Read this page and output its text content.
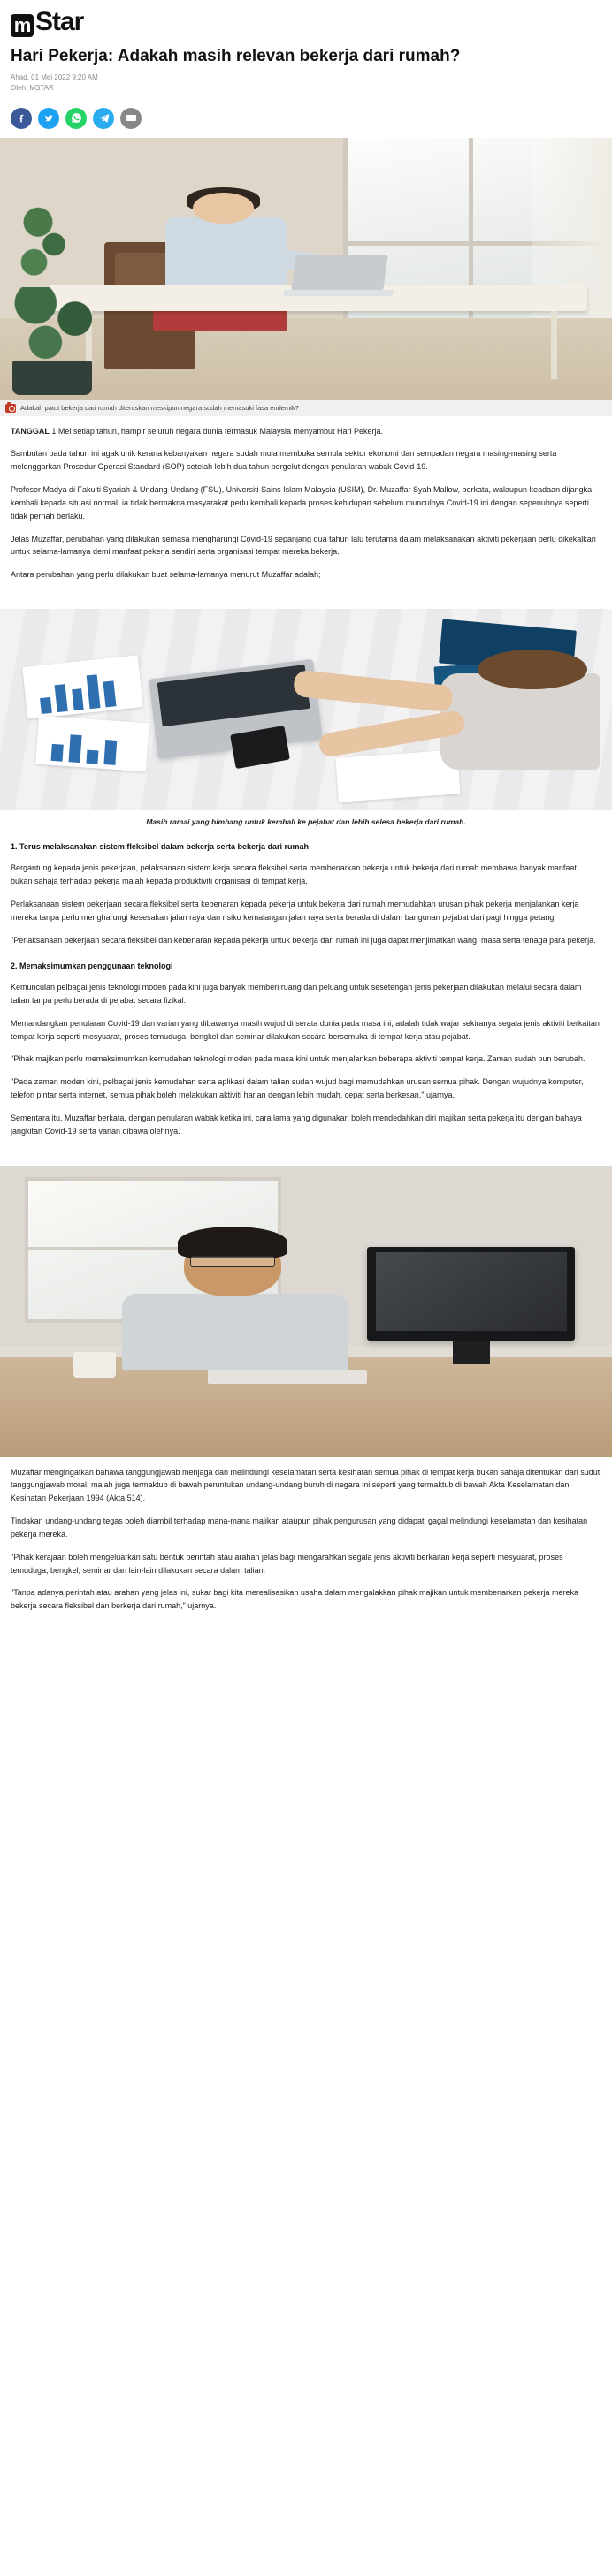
m Star
Hari Pekerja: Adakah masih relevan bekerja dari rumah?
Ahad, 01 Mei 2022 9:20 AM
Oleh: MSTAR
Adakah patut bekerja dari rumah diteruskan meskipun negara sudah memasuki fasa endemik?

TANGGAL 1 Mei setiap tahun, hampir seluruh negara dunia termasuk Malaysia menyambut Hari Pekerja.

Sambutan pada tahun ini agak unik kerana kebanyakan negara sudah mula membuka semula sektor ekonomi dan sempadan negara masing-masing serta melonggarkan Prosedur Operasi Standard (SOP) setelah lebih dua tahun bergelut dengan penularan wabak Covid-19.

Profesor Madya di Fakulti Syariah & Undang-Undang (FSU), Universiti Sains Islam Malaysia (USIM), Dr. Muzaffar Syah Mallow, berkata, walaupun keadaan dijangka kembali kepada situasi normal, ia tidak bermakna masyarakat perlu kembali kepada proses kehidupan sebelum munculnya Covid-19 ini dengan sepenuhnya seperti tidak pernah berlaku.

Jelas Muzaffar, perubahan yang dilakukan semasa mengharungi Covid-19 sepanjang dua tahun lalu terutama dalam melaksanakan aktiviti pekerjaan perlu dikekalkan untuk selama-lamanya demi manfaat pekerja sendiri serta organisasi tempat mereka bekerja.

Antara perubahan yang perlu dilakukan buat selama-lamanya menurut Muzaffar adalah;

Masih ramai yang bimbang untuk kembali ke pejabat dan lebih selesa bekerja dari rumah.
1. Terus melaksanakan sistem fleksibel dalam bekerja serta bekerja dari rumah

Bergantung kepada jenis pekerjaan, pelaksanaan sistem kerja secara fleksibel serta membenarkan pekerja untuk bekerja dari rumah membawa banyak manfaat, bukan sahaja terhadap pekerja malah kepada produktiviti organisasi di tempat kerja.

Perlaksanaan sistem pekerjaan secara fleksibel serta kebenaran kepada pekerja untuk bekerja dari rumah memudahkan urusan pihak pekerja menjalankan kerja mereka tanpa perlu mengharungi kesesakan jalan raya dan risiko kemalangan jalan raya serta berada di dalam bangunan pejabat dari pagi hingga petang.

"Perlaksanaan pekerjaan secara fleksibel dan kebenaran kepada pekerja untuk bekerja dari rumah ini juga dapat menjimatkan wang, masa serta tenaga para pekerja.

2. Memaksimumkan penggunaan teknologi

Kemunculan pelbagai jenis teknologi moden pada kini juga banyak memberi ruang dan peluang untuk sesetengah jenis pekerjaan dilakukan melalui secara dalam talian tanpa perlu berada di pejabat secara fizikal.

Memandangkan penularan Covid-19 dan varian yang dibawanya masih wujud di serata dunia pada masa ini, adalah tidak wajar sekiranya segala jenis aktiviti berkaitan tempat kerja seperti mesyuarat, proses temuduga, bengkel dan seminar dilakukan secara bersemuka di tempat kerja atau pejabat.

"Pihak majikan perlu memaksimumkan kemudahan teknologi moden pada masa kini untuk menjalankan beberapa aktiviti tempat kerja. Zaman sudah pun berubah.

"Pada zaman moden kini, pelbagai jenis kemudahan serta aplikasi dalam talian sudah wujud bagi memudahkan urusan semua pihak. Dengan wujudnya komputer, telefon pintar serta internet, semua pihak boleh melakukan aktiviti harian dengan lebih mudah, cepat serta berkesan," ujarnya.

Sementara itu, Muzaffar berkata, dengan penularan wabak ketika ini, cara lama yang digunakan boleh mendedahkan diri majikan serta pekerja itu dengan bahaya jangkitan Covid-19 serta varian dibawa olehnya.

Muzaffar mengingatkan bahawa tanggungjawab menjaga dan melindungi keselamatan serta kesihatan semua pihak di tempat kerja bukan sahaja ditentukan dari sudut tanggungjawab moral, malah juga termaktub di bawah peruntukan undang-undang buruh di negara ini seperti yang termaktub di bawah Akta Keselamatan dan Kesihatan Pekerjaan 1994 (Akta 514).

Tindakan undang-undang tegas boleh diambil terhadap mana-mana majikan ataupun pihak pengurusan yang didapati gagal melindungi keselamatan dan kesihatan pekerja mereka.

"Pihak kerajaan boleh mengeluarkan satu bentuk perintah atau arahan jelas bagi mengarahkan segala jenis aktiviti berkaitan kerja seperti mesyuarat, proses temuduga, bengkel, seminar dan lain-lain dilakukan secara dalam talian.

"Tanpa adanya perintah atau arahan yang jelas ini, sukar bagi kita merealisasikan usaha dalam mengalakkan pihak majikan untuk membenarkan pekerja mereka bekerja secara fleksibel dan berkerja dari rumah," ujarnya.
